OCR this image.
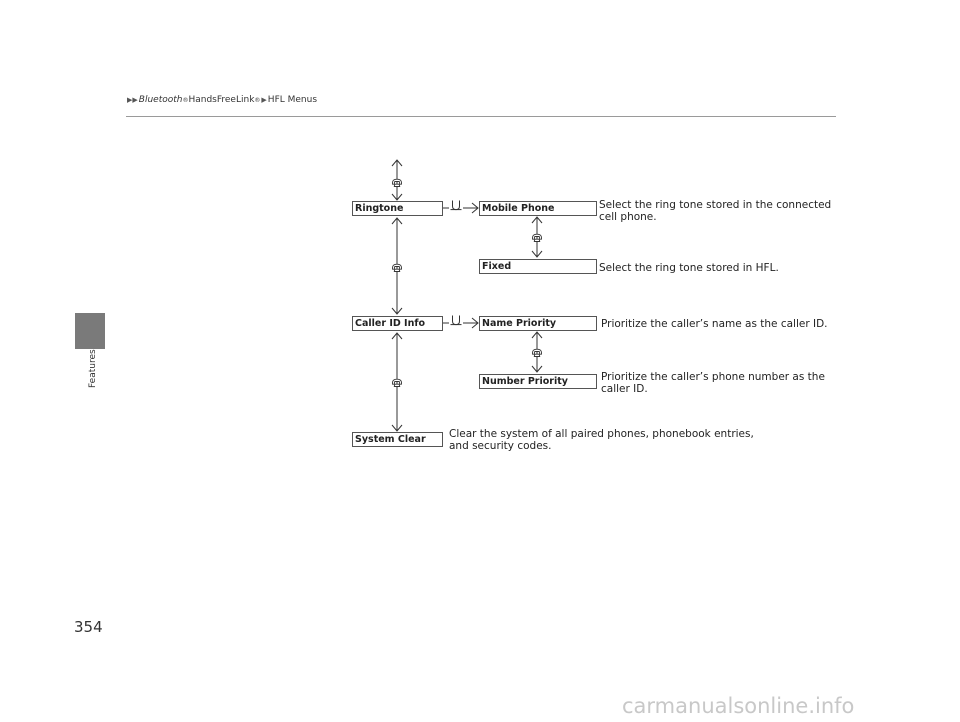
▶▶ Bluetooth ® HandsFreeLink ® ▶ HFL Menus
Features
Ringtone	Mobile Phone
Fixed
Caller ID Info	Name Priority
Number Priority
System Clear
Select the ring tone stored in the connected
cell phone.
Select the ring tone stored in HFL.
Prioritize the caller’s name as the caller ID.
Prioritize the caller’s phone number as the
caller ID.
Clear the system of all paired phones, phonebook entries,
and security codes.
354
carmanualsonline.info
